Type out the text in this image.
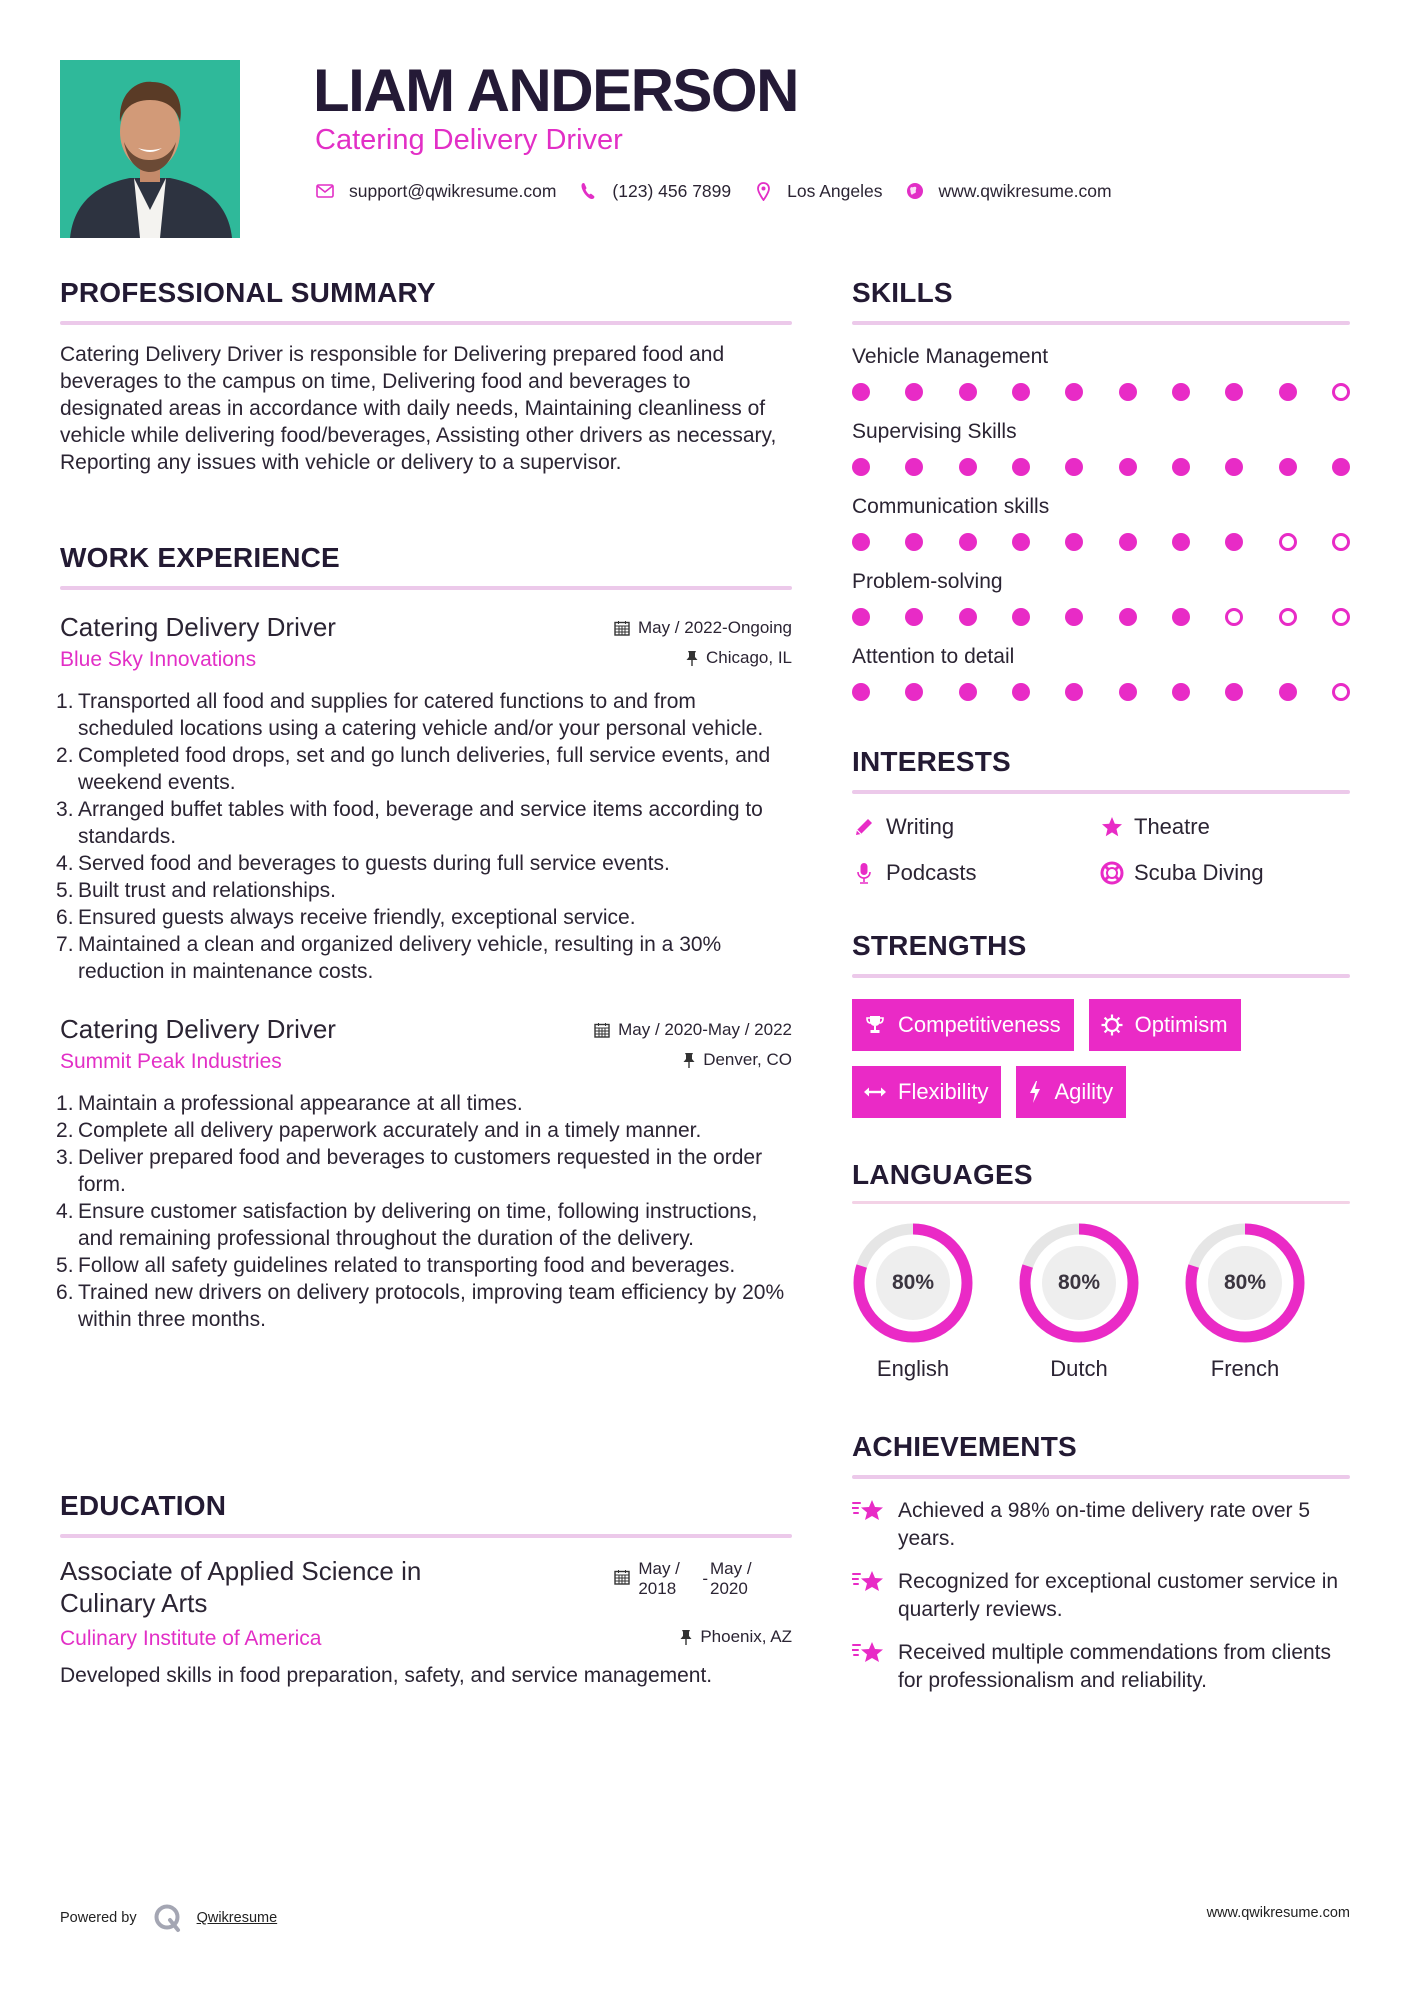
LIAM ANDERSON
Catering Delivery Driver
support@qwikresume.com	(123) 456 7899	Los Angeles	www.qwikresume.com
PROFESSIONAL SUMMARY

Catering Delivery Driver is responsible for Delivering prepared food and beverages to the campus on time, Delivering food and beverages to designated areas in accordance with daily needs, Maintaining cleanliness of vehicle while delivering food/beverages, Assisting other drivers as necessary, Reporting any issues with vehicle or delivery to a supervisor.

WORK EXPERIENCE
Catering Delivery Driver	May / 2022-Ongoing
Blue Sky Innovations	Chicago, IL
Transported all food and supplies for catered functions to and from scheduled locations using a catering vehicle and/or your personal vehicle.
Completed food drops, set and go lunch deliveries, full service events, and weekend events.
Arranged buffet tables with food, beverage and service items according to standards.
Served food and beverages to guests during full service events.
Built trust and relationships.
Ensured guests always receive friendly, exceptional service.
Maintained a clean and organized delivery vehicle, resulting in a 30% reduction in maintenance costs.
Catering Delivery Driver	May / 2020-May / 2022
Summit Peak Industries	Denver, CO
Maintain a professional appearance at all times.
Complete all delivery paperwork accurately and in a timely manner.
Deliver prepared food and beverages to customers requested in the order form.
Ensure customer satisfaction by delivering on time, following instructions, and remaining professional throughout the duration of the delivery.
Follow all safety guidelines related to transporting food and beverages.
Trained new drivers on delivery protocols, improving team efficiency by 20% within three months.
EDUCATION
Associate of Applied Science in Culinary Arts
May / 2018
-
May / 2020
Culinary Institute of America	Phoenix, AZ

Developed skills in food preparation, safety, and service management.

SKILLS
Vehicle Management
Supervising Skills
Communication skills
Problem-solving
Attention to detail
INTERESTS
Writing	Theatre
Podcasts	Scuba Diving
STRENGTHS
Competitiveness	Optimism
Flexibility	Agility
LANGUAGES
80%
English
80%
Dutch
80%
French
ACHIEVEMENTS
Achieved a 98% on-time delivery rate over 5 years.
Recognized for exceptional customer service in quarterly reviews.
Received multiple commendations from clients for professionalism and reliability.
Powered by	Qwikresume	www.qwikresume.com
